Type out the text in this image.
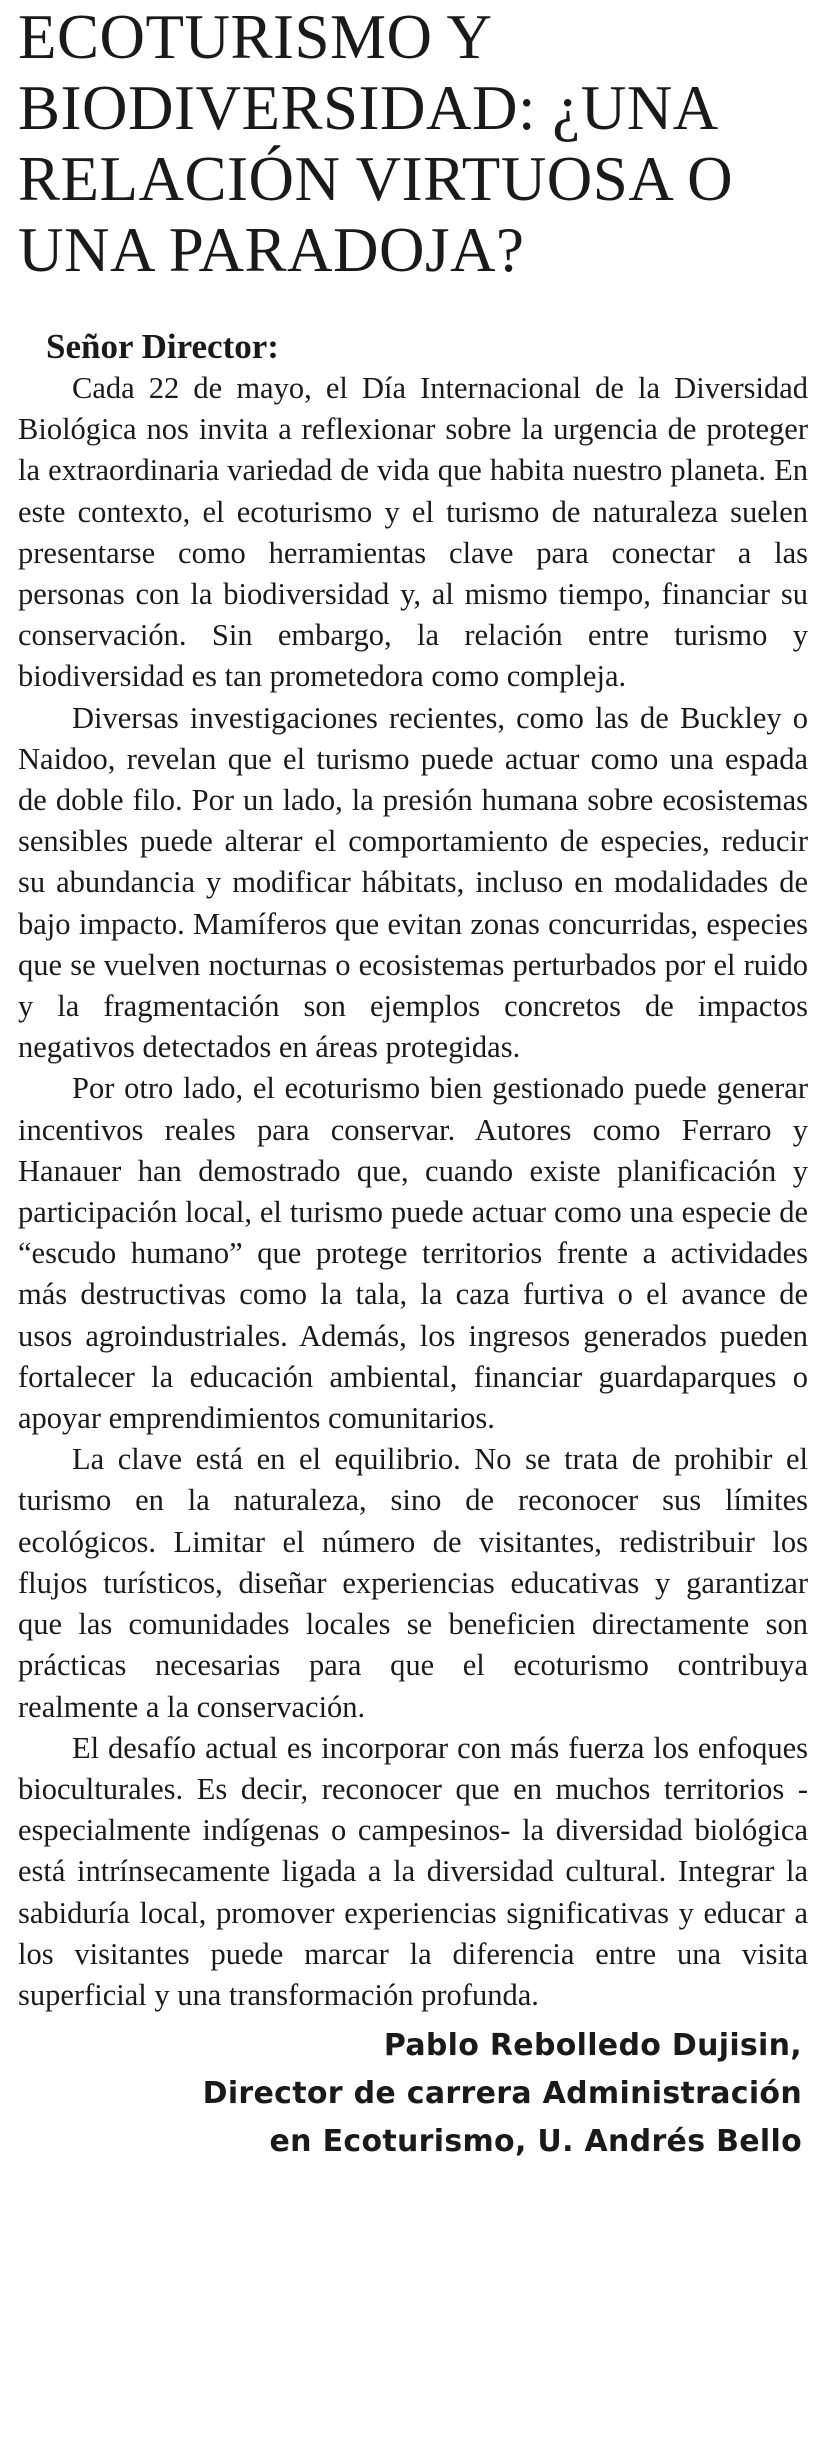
ECOTURISMO Y
BIODIVERSIDAD: ¿UNA
RELACIÓN VIRTUOSA O
UNA PARADOJA?
Señor Director:

Cada 22 de mayo, el Día Internacional de la Diversidad Biológica nos invita a reflexionar sobre la urgencia de proteger la extraordinaria variedad de vida que habita nuestro planeta. En este contexto, el ecoturismo y el turismo de naturaleza suelen presentarse como herramientas clave para conectar a las personas con la biodiversidad y, al mismo tiempo, financiar su conservación. Sin embargo, la relación entre turismo y biodiversidad es tan prometedora como compleja.

Diversas investigaciones recientes, como las de Buckley o Naidoo, revelan que el turismo puede actuar como una espada de doble filo. Por un lado, la presión humana sobre ecosistemas sensibles puede alterar el comportamiento de especies, reducir su abundancia y modificar hábitats, incluso en modalidades de bajo impacto. Mamíferos que evitan zonas concurridas, especies que se vuelven nocturnas o ecosistemas perturbados por el ruido y la fragmentación son ejemplos concretos de impactos negativos detectados en áreas protegidas.

Por otro lado, el ecoturismo bien gestionado puede generar incentivos reales para conservar. Autores como Ferraro y Hanauer han demostrado que, cuando existe planificación y participación local, el turismo puede actuar como una especie de “escudo humano” que protege territorios frente a actividades más destructivas como la tala, la caza furtiva o el avance de usos agroindustriales. Además, los ingresos generados pueden fortalecer la educación ambiental, financiar guardaparques o apoyar emprendimientos comunitarios.

La clave está en el equilibrio. No se trata de prohibir el turismo en la naturaleza, sino de reconocer sus límites ecológicos. Limitar el número de visitantes, redistribuir los flujos turísticos, diseñar experiencias educativas y garantizar que las comunidades locales se beneficien directamente son prácticas necesarias para que el ecoturismo contribuya realmente a la conservación.

El desafío actual es incorporar con más fuerza los enfoques bioculturales. Es decir, reconocer que en muchos territorios -especialmente indígenas o campesinos- la diversidad biológica está intrínsecamente ligada a la diversidad cultural. Integrar la sabiduría local, promover experiencias significativas y educar a los visitantes puede marcar la diferencia entre una visita superficial y una transformación profunda.

Pablo Rebolledo Dujisin,
Director de carrera Administración
en Ecoturismo, U. Andrés Bello
